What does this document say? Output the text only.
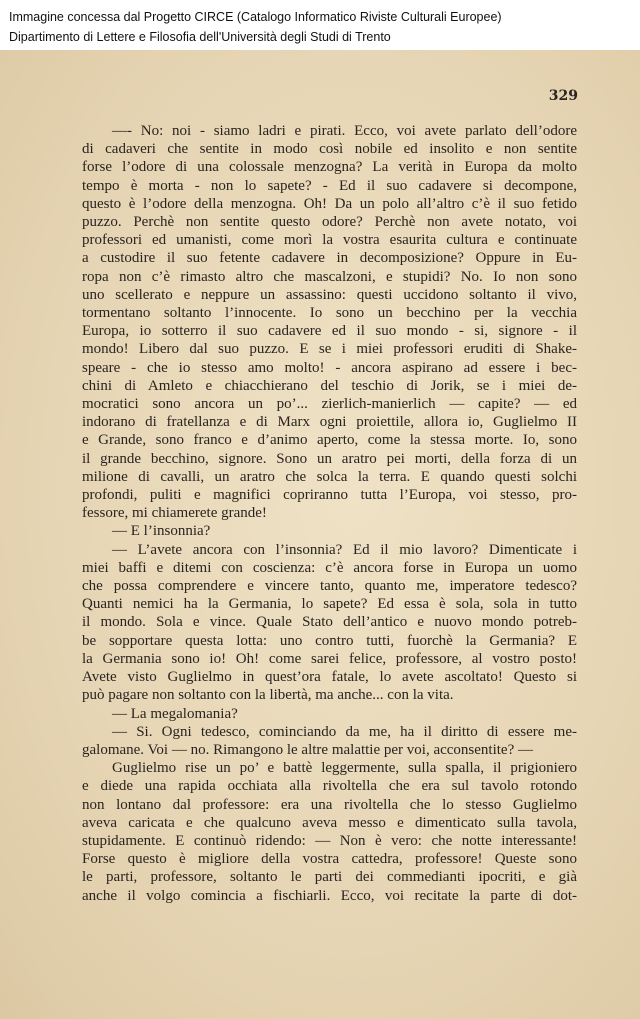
Immagine concessa dal Progetto CIRCE (Catalogo Informatico Riviste Culturali Europee)
Dipartimento di Lettere e Filosofia dell'Università degli Studi di Trento
329
—- No: noi - siamo ladri e pirati. Ecco, voi avete parlato dell’odore
di cadaveri che sentite in modo così nobile ed insolito e non sentite
forse l’odore di una colossale menzogna? La verità in Europa da molto
tempo è morta - non lo sapete? - Ed il suo cadavere si decompone,
questo è l’odore della menzogna. Oh! Da un polo all’altro c’è il suo fetido
puzzo. Perchè non sentite questo odore? Perchè non avete notato, voi
professori ed umanisti, come morì la vostra esaurita cultura e continuate
a custodire il suo fetente cadavere in decomposizione? Oppure in Eu-
ropa non c’è rimasto altro che mascalzoni, e stupidi? No. Io non sono
uno scellerato e neppure un assassino: questi uccidono soltanto il vivo,
tormentano soltanto l’innocente. Io sono un becchino per la vecchia
Europa, io sotterro il suo cadavere ed il suo mondo - si, signore - il
mondo! Libero dal suo puzzo. E se i miei professori eruditi di Shake-
speare - che io stesso amo molto! - ancora aspirano ad essere i bec-
chini di Amleto e chiacchierano del teschio di Jorik, se i miei de-
mocratici sono ancora un po’... zierlich-manierlich — capite? — ed
indorano di fratellanza e di Marx ogni proiettile, allora io, Guglielmo II
e Grande, sono franco e d’animo aperto, come la stessa morte. Io, sono
il grande becchino, signore. Sono un aratro pei morti, della forza di un
milione di cavalli, un aratro che solca la terra. E quando questi solchi
profondi, puliti e magnifici copriranno tutta l’Europa, voi stesso, pro-
fessore, mi chiamerete grande!
— E l’insonnia?
— L’avete ancora con l’insonnia? Ed il mio lavoro? Dimenticate i
miei baffi e ditemi con coscienza: c’è ancora forse in Europa un uomo
che possa comprendere e vincere tanto, quanto me, imperatore tedesco?
Quanti nemici ha la Germania, lo sapete? Ed essa è sola, sola in tutto
il mondo. Sola e vince. Quale Stato dell’antico e nuovo mondo potreb-
be sopportare questa lotta: uno contro tutti, fuorchè la Germania? E
la Germania sono io! Oh! come sarei felice, professore, al vostro posto!
Avete visto Guglielmo in quest’ora fatale, lo avete ascoltato! Questo si
può pagare non soltanto con la libertà, ma anche... con la vita.
— La megalomania?
— Si. Ogni tedesco, cominciando da me, ha il diritto di essere me-
galomane. Voi — no. Rimangono le altre malattie per voi, acconsentite? —
Guglielmo rise un po’ e battè leggermente, sulla spalla, il prigioniero
e diede una rapida occhiata alla rivoltella che era sul tavolo rotondo
non lontano dal professore: era una rivoltella che lo stesso Guglielmo
aveva caricata e che qualcuno aveva messo e dimenticato sulla tavola,
stupidamente. E continuò ridendo: — Non è vero: che notte interessante!
Forse questo è migliore della vostra cattedra, professore! Queste sono
le parti, professore, soltanto le parti dei commedianti ipocriti, e già
anche il volgo comincia a fischiarli. Ecco, voi recitate la parte di dot-
